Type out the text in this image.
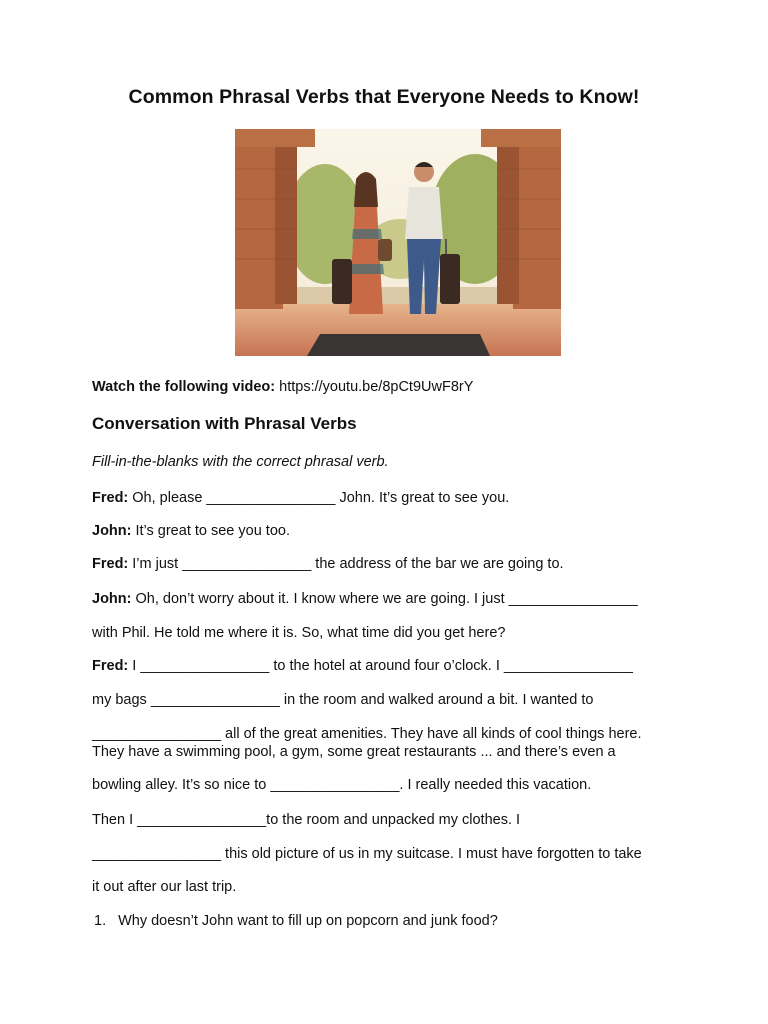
Common Phrasal Verbs that Everyone Needs to Know!
Watch the following video: https://youtu.be/8pCt9UwF8rY
Conversation with Phrasal Verbs
Fill-in-the-blanks with the correct phrasal verb.
Fred: Oh, please ________________ John. It’s great to see you.
John: It’s great to see you too.
Fred: I’m just ________________ the address of the bar we are going to.
John: Oh, don’t worry about it. I know where we are going. I just ________________
with Phil. He told me where it is. So, what time did you get here?
Fred: I ________________ to the hotel at around four o’clock. I ________________
my bags ________________ in the room and walked around a bit. I wanted to
________________ all of the great amenities. They have all kinds of cool things here.
They have a swimming pool, a gym, some great restaurants ... and there’s even a
bowling alley. It’s so nice to ________________. I really needed this vacation.
Then I ________________to the room and unpacked my clothes. I
________________ this old picture of us in my suitcase. I must have forgotten to take
it out after our last trip.
1. Why doesn’t John want to fill up on popcorn and junk food?
